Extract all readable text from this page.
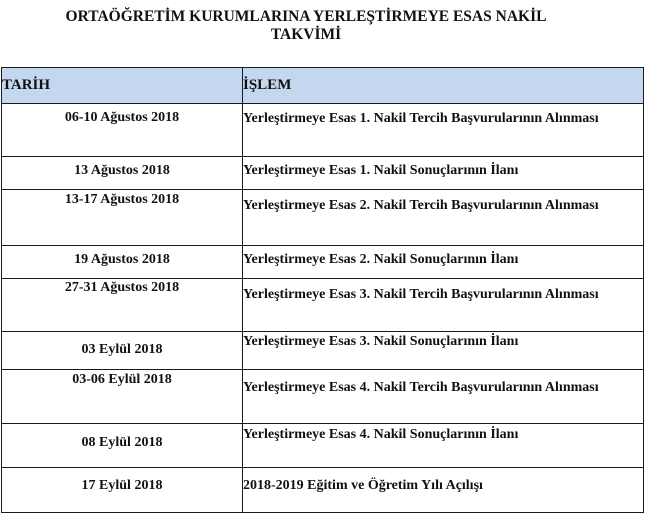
ORTAÖĞRETİM KURUMLARINA YERLEŞTİRMEYE ESAS NAKİL
TAKVİMİ
TARİH	İŞLEM
06-10 Ağustos 2018	Yerleştirmeye Esas 1. Nakil Tercih Başvurularının Alınması
13 Ağustos 2018	Yerleştirmeye Esas 1. Nakil Sonuçlarının İlanı
13-17 Ağustos 2018	Yerleştirmeye Esas 2. Nakil Tercih Başvurularının Alınması
19 Ağustos 2018	Yerleştirmeye Esas 2. Nakil Sonuçlarının İlanı
27-31 Ağustos 2018	Yerleştirmeye Esas 3. Nakil Tercih Başvurularının Alınması
03 Eylül 2018	Yerleştirmeye Esas 3. Nakil Sonuçlarının İlanı
03-06 Eylül 2018	Yerleştirmeye Esas 4. Nakil Tercih Başvurularının Alınması
08 Eylül 2018	Yerleştirmeye Esas 4. Nakil Sonuçlarının İlanı
17 Eylül 2018	2018-2019 Eğitim ve Öğretim Yılı Açılışı
